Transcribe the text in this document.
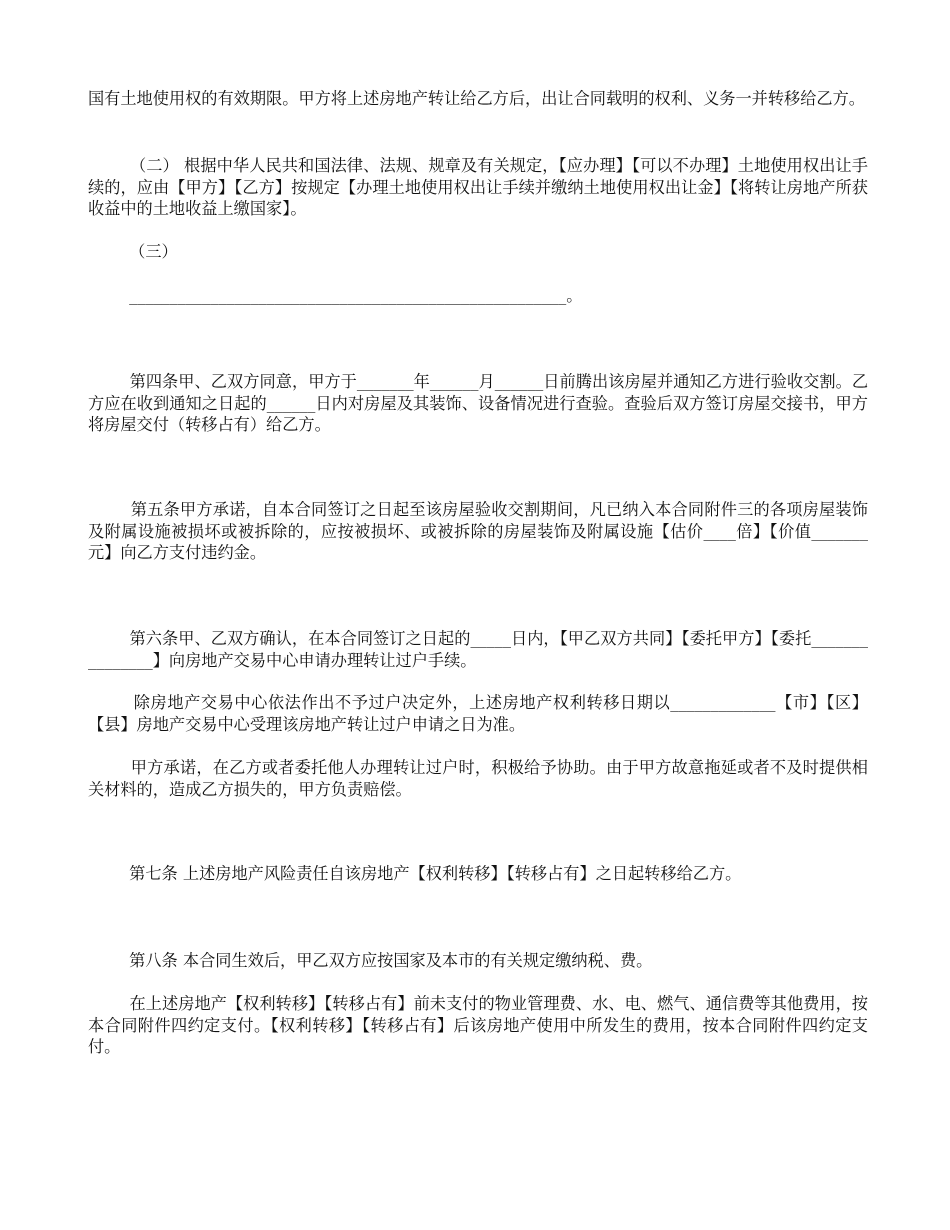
国有土地使用权的有效期限。甲方将上述房地产转让给乙方后，出让合同载明的权利、义务一并转移给乙方。

（二） 根据中华人民共和国法律、法规、规章及有关规定，【应办理】【可以不办理】土地使用权出让手续的，应由【甲方】【乙方】按规定【办理土地使用权出让手续并缴纳土地使用权出让金】【将转让房地产所获收益中的土地收益上缴国家】。

（三）

______________________________________________________。

第四条甲、乙双方同意，甲方于_______年______月______日前腾出该房屋并通知乙方进行验收交割。乙方应在收到通知之日起的______日内对房屋及其装饰、设备情况进行查验。查验后双方签订房屋交接书，甲方将房屋交付（转移占有）给乙方。

第五条甲方承诺，自本合同签订之日起至该房屋验收交割期间，凡已纳入本合同附件三的各项房屋装饰及附属设施被损坏或被拆除的，应按被损坏、或被拆除的房屋装饰及附属设施【估价____倍】【价值_______元】向乙方支付违约金。

第六条甲、乙双方确认，在本合同签订之日起的_____日内，【甲乙双方共同】【委托甲方】【委托_______________】向房地产交易中心申请办理转让过户手续。

除房地产交易中心依法作出不予过户决定外，上述房地产权利转移日期以_____________【市】【区】【县】房地产交易中心受理该房地产转让过户申请之日为准。

甲方承诺，在乙方或者委托他人办理转让过户时，积极给予协助。由于甲方故意拖延或者不及时提供相关材料的，造成乙方损失的，甲方负责赔偿。

第七条 上述房地产风险责任自该房地产【权利转移】【转移占有】之日起转移给乙方。

第八条 本合同生效后，甲乙双方应按国家及本市的有关规定缴纳税、费。

在上述房地产【权利转移】【转移占有】前未支付的物业管理费、水、电、燃气、通信费等其他费用，按本合同附件四约定支付。【权利转移】【转移占有】后该房地产使用中所发生的费用，按本合同附件四约定支付。
